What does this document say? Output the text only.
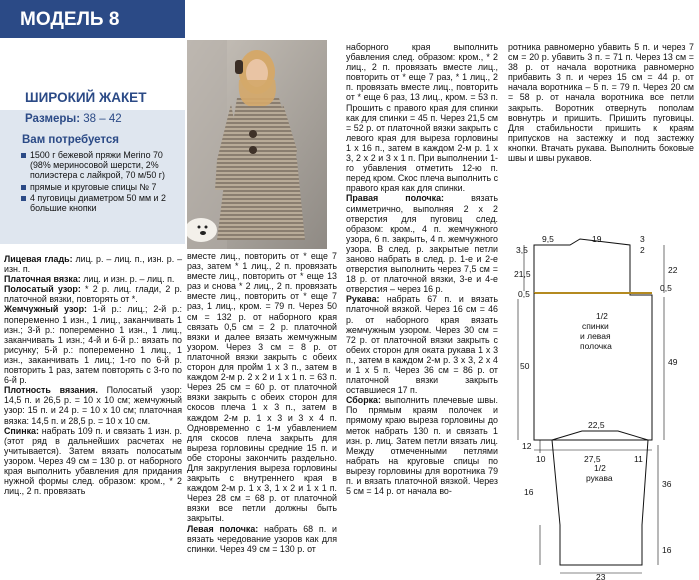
МОДЕЛЬ 8
ШИРОКИЙ ЖАКЕТ
Размеры: 38 – 42
Вам потребуется
1500 г бежевой пряжи Merino 70 (98% мериносовой шерсти, 2% полиэстера с лайкрой, 70 м/50 г)
прямые и круговые спицы № 7
4 пуговицы диаметром 50 мм и 2 большие кнопки

Лицевая гладь: лиц. р. – лиц. п., изн. р. – изн. п.

Платочная вязка: лиц. и изн. р. – лиц. п.

Полосатый узор: * 2 р. лиц. глади, 2 р. платочной вязки, повторять от *.

Жемчужный узор: 1-й р.: лиц.; 2-й р.: попеременно 1 изн., 1 лиц., заканчивать 1 изн.; 3-й р.: попеременно 1 изн., 1 лиц., заканчивать 1 изн.; 4-й и 6-й р.: вязать по рисунку; 5-й р.: попеременно 1 лиц., 1 изн., заканчивать 1 лиц.; 1-го по 6-й р. повторить 1 раз, затем повторять с 3-го по 6-й р.

Плотность вязания. Полосатый узор: 14,5 п. и 26,5 р. = 10 х 10 см; жемчужный узор: 15 п. и 24 р. = 10 х 10 см; платочная вязка: 14,5 п. и 28,5 р. = 10 х 10 см.

Спинка: набрать 109 п. и связать 1 изн. р. (этот ряд в дальнейших расчетах не учитывается). Затем вязать полосатым узором. Через 49 см = 130 р. от наборного края выполнить убавления для придания нужной формы след. образом: кром., * 2 лиц., 2 п. провязать

вместе лиц., повторить от * еще 7 раз, затем * 1 лиц., 2 п. провязать вместе лиц., повторить от * еще 13 раз и снова * 2 лиц., 2 п. провязать вместе лиц., повторить от * еще 7 раз, 1 лиц., кром. = 79 п. Через 50 см = 132 р. от наборного края связать 0,5 см = 2 р. платочной вязки и далее вязать жемчужным узором. Через 3 см = 8 р. от платочной вязки закрыть с обеих сторон для пройм 1 х 3 п., затем в каждом 2-м р. 2 х 2 и 1 х 1 п. = 63 п. Через 25 см = 60 р. от платочной вязки закрыть с обеих сторон для скосов плеча 1 х 3 п., затем в каждом 2-м р. 1 х 3 и 3 х 4 п. Одновременно с 1-м убавлением для скосов плеча закрыть для выреза горловины средние 15 п. и обе стороны закончить раздельно. Для закругления выреза горловины закрыть с внутреннего края в каждом 2-м р. 1 х 3, 1 х 2 и 1 х 1 п. Через 28 см = 68 р. от платочной вязки все петли должны быть закрыты.

Левая полочка: набрать 68 п. и вязать чередование узоров как для спинки. Через 49 см = 130 р. от

наборного края выполнить убавления след. образом: кром., * 2 лиц., 2 п. провязать вместе лиц., повторить от * еще 7 раз, * 1 лиц., 2 п. провязать вместе лиц., повторить от * еще 6 раз, 13 лиц., кром. = 53 п. Прошить с правого края для спинки как для спинки = 45 п. Через 21,5 см = 52 р. от платочной вязки закрыть с левого края для выреза горловины 1 х 16 п., затем в каждом 2-м р. 1 х 3, 2 х 2 и 3 х 1 п. При выполнении 1-го убавления отметить 12-ю п. перед кром. Скос плеча выполнить с правого края как для спинки.

Правая полочка: вязать симметрично, выполняя 2 х 2 отверстия для пуговиц след. образом: кром., 4 п. жемчужного узора, 6 п. закрыть, 4 п. жемчужного узора. В след. р. закрытые петли заново набрать в след. р. 1-е и 2-е отверстия выполнить через 7,5 см = 18 р. от платочной вязки, 3-е и 4-е отверстия – через 16 р.

Рукава: набрать 67 п. и вязать платочной вязкой. Через 16 см = 46 р. от наборного края вязать жемчужным узором. Через 30 см = 72 р. от платочной вязки закрыть с обеих сторон для окатa рукава 1 х 3 п., затем в каждом 2-м р. 3 х 3, 2 х 4 и 1 х 5 п. Через 36 см = 86 р. от платочной вязки закрыть оставшиеся 17 п.

Сборка: выполнить плечевые швы. По прямым краям полочек и прямому краю выреза горловины до меток набрать 130 п. и связать 1 изн. р. лиц. Затем петли вязать лиц. Между отмеченными петлями набрать на круговые спицы по вырезу горловины для воротника 79 п. и вязать платочной вязкой. Через 5 см = 14 р. от начала во-

ротника равномерно убавить 5 п. и через 7 см = 20 р. убавить 3 п. = 71 п. Через 13 см = 38 р. от начала воротника равномерно прибавить 3 п. и через 15 см = 44 р. от начала воротника – 5 п. = 79 п. Через 20 см = 58 р. от начала воротника все петли закрыть. Воротник отвернуть пополам вовнутрь и пришить. Пришить пуговицы. Для стабильности пришить к краям припусков на застежку и под застежку кнопки. Втачать рукава. Выполнить боковые швы и швы рукавов.

9,5	19	3
3,5	2
22
21,5
0,5
0,5
1/2
спинки
и левая
полочка
49
50
27,5
10	11
22,5
12
1/2
рукава
36
16
16
23
